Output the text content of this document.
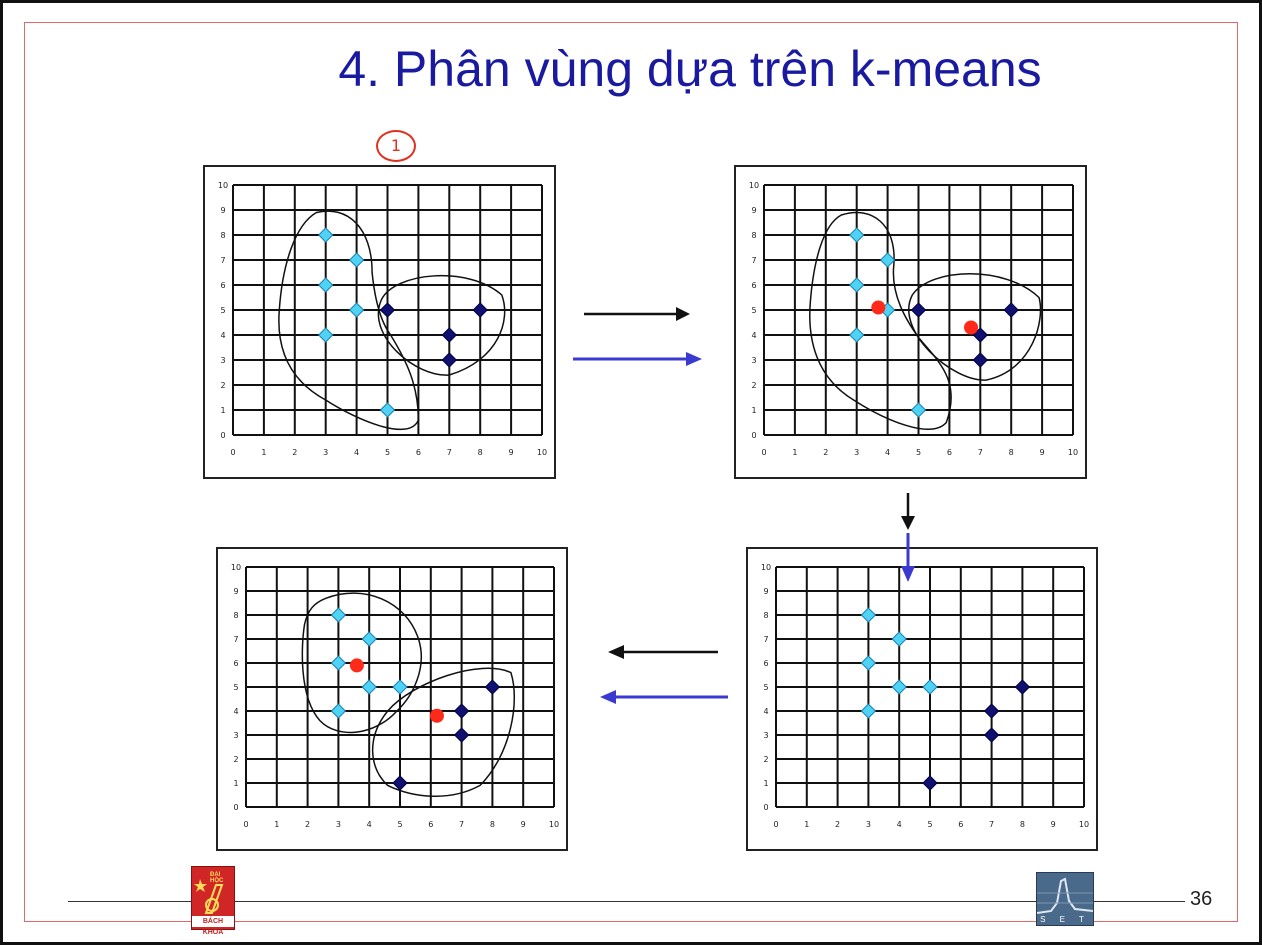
4. Phân vùng dựa trên k-means
1
0	1	2	3	4	5	6	7	8	9	10
10
9
8
7
6
5
4
3
2
1
0
0	1	2	3	4	5	6	7	8	9	10
10
9
8
7
6
5
4
3
2
1
0
0	1	2	3	4	5	6	7	8	9	10
10
9
8
7
6
5
4
3
2
1
0
0	1	2	3	4	5	6	7	8	9	10
10
9
8
7
6
5
4
3
2
1
0
ĐẠI HỌC
BÁCH KHOA
S E T
36
